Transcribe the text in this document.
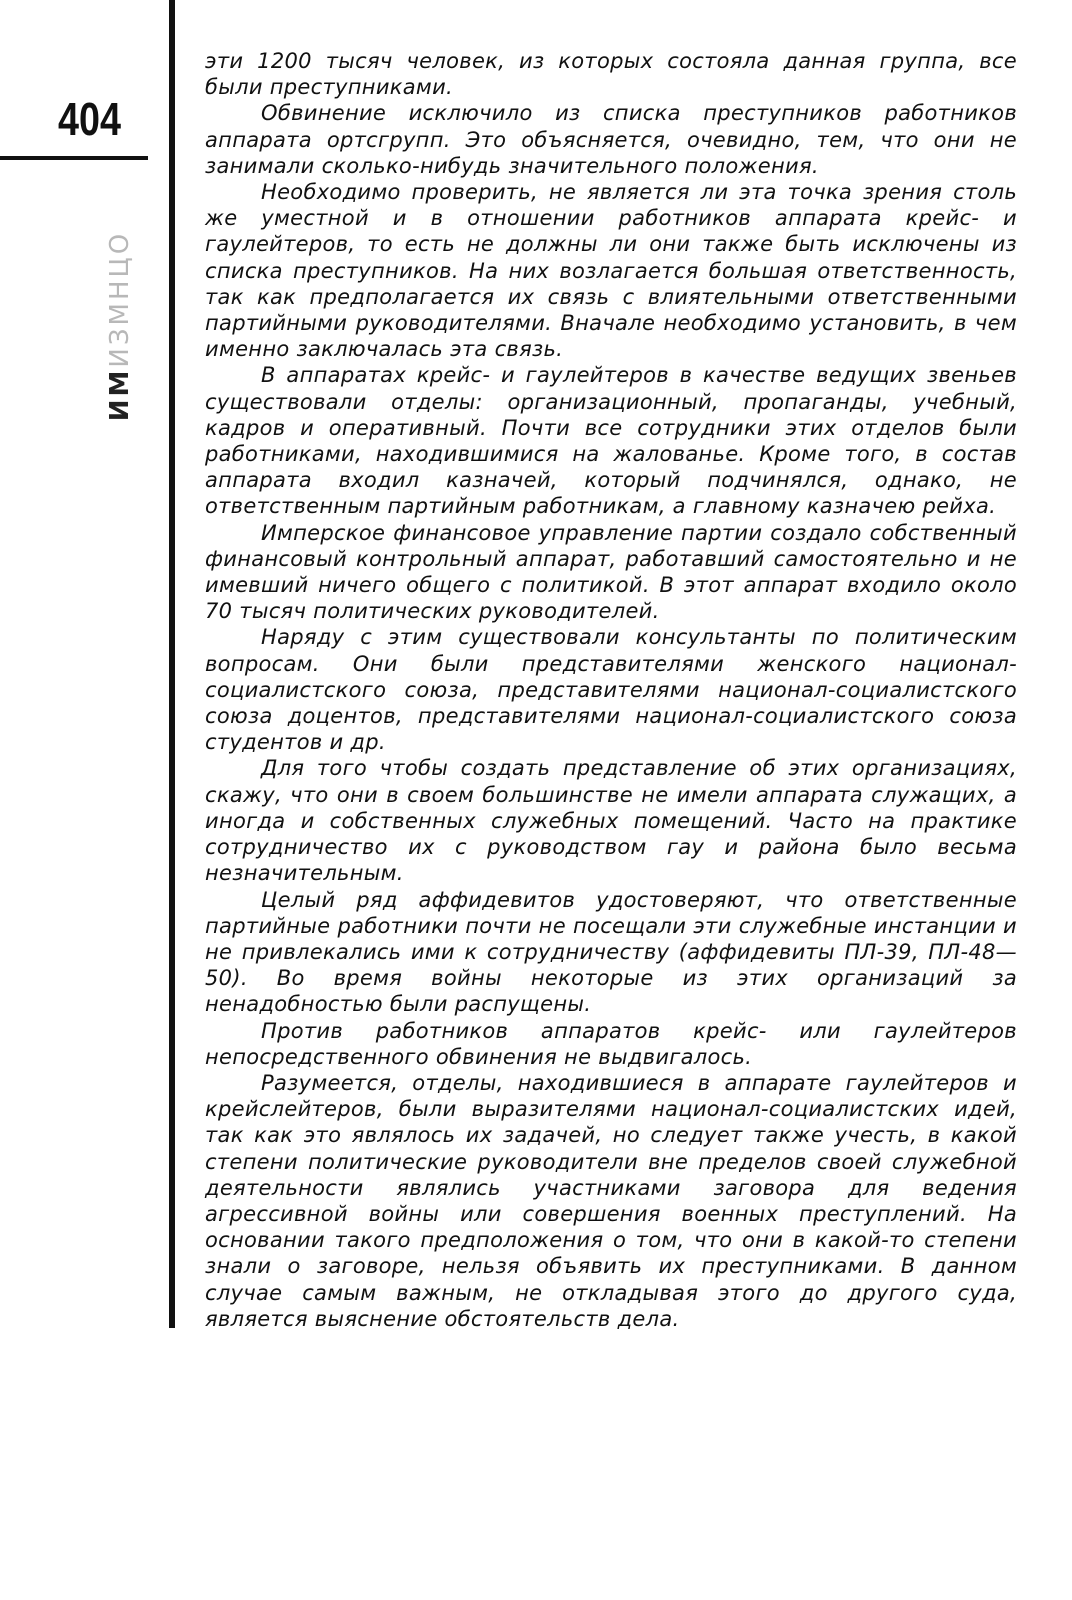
404
ИМИЗМНЦО

эти 1200 тысяч человек, из которых состояла данная группа, все были преступниками.

Обвинение исключило из списка преступников работников аппарата ортсгрупп. Это объясняется, очевидно, тем, что они не занимали сколько-нибудь значительного положения.

Необходимо проверить, не является ли эта точка зрения столь же уместной и в отношении работников аппарата крейс- и гаулейтеров, то есть не должны ли они также быть исключены из списка преступников. На них возлагается большая ответственность, так как предполагается их связь с влиятельными ответственными партийными руководителями. Вначале необходимо установить, в чем именно заключалась эта связь.

В аппаратах крейс- и гаулейтеров в качестве ведущих звеньев существовали отделы: организационный, пропаганды, учебный, кадров и оперативный. Почти все сотрудники этих отделов были работниками, находившимися на жалованье. Кроме того, в состав аппарата входил казначей, который подчинялся, однако, не ответственным партийным работникам, а главному казначею рейха.

Имперское финансовое управление партии создало собственный финансовый контрольный аппарат, работавший самостоятельно и не имевший ничего общего с политикой. В этот аппарат входило около 70 тысяч политических руководителей.

Наряду с этим существовали консультанты по политическим вопросам. Они были представителями женского национал-социалистского союза, представителями национал-социалистского союза доцентов, представителями национал-социалистского союза студентов и др.

Для того чтобы создать представление об этих организациях, скажу, что они в своем большинстве не имели аппарата служащих, а иногда и собственных служебных помещений. Часто на практике сотрудничество их с руководством гау и района было весьма незначительным.

Целый ряд аффидевитов удостоверяют, что ответственные партийные работники почти не посещали эти служебные инстанции и не привлекались ими к сотрудничеству (аффидевиты ПЛ-39, ПЛ-48—50). Во время войны некоторые из этих организаций за ненадобностью были распущены.

Против работников аппаратов крейс- или гаулейтеров непосредственного обвинения не выдвигалось.

Разумеется, отделы, находившиеся в аппарате гаулейтеров и крейслейтеров, были выразителями национал-социалистских идей, так как это являлось их задачей, но следует также учесть, в какой степени политические руководители вне пределов своей служебной деятельности являлись участниками заговора для ведения агрессивной войны или совершения военных преступлений. На основании такого предположения о том, что они в какой-то степени знали о заговоре, нельзя объявить их преступниками. В данном случае самым важным, не откладывая этого до другого суда, является выяснение обстоятельств дела.
